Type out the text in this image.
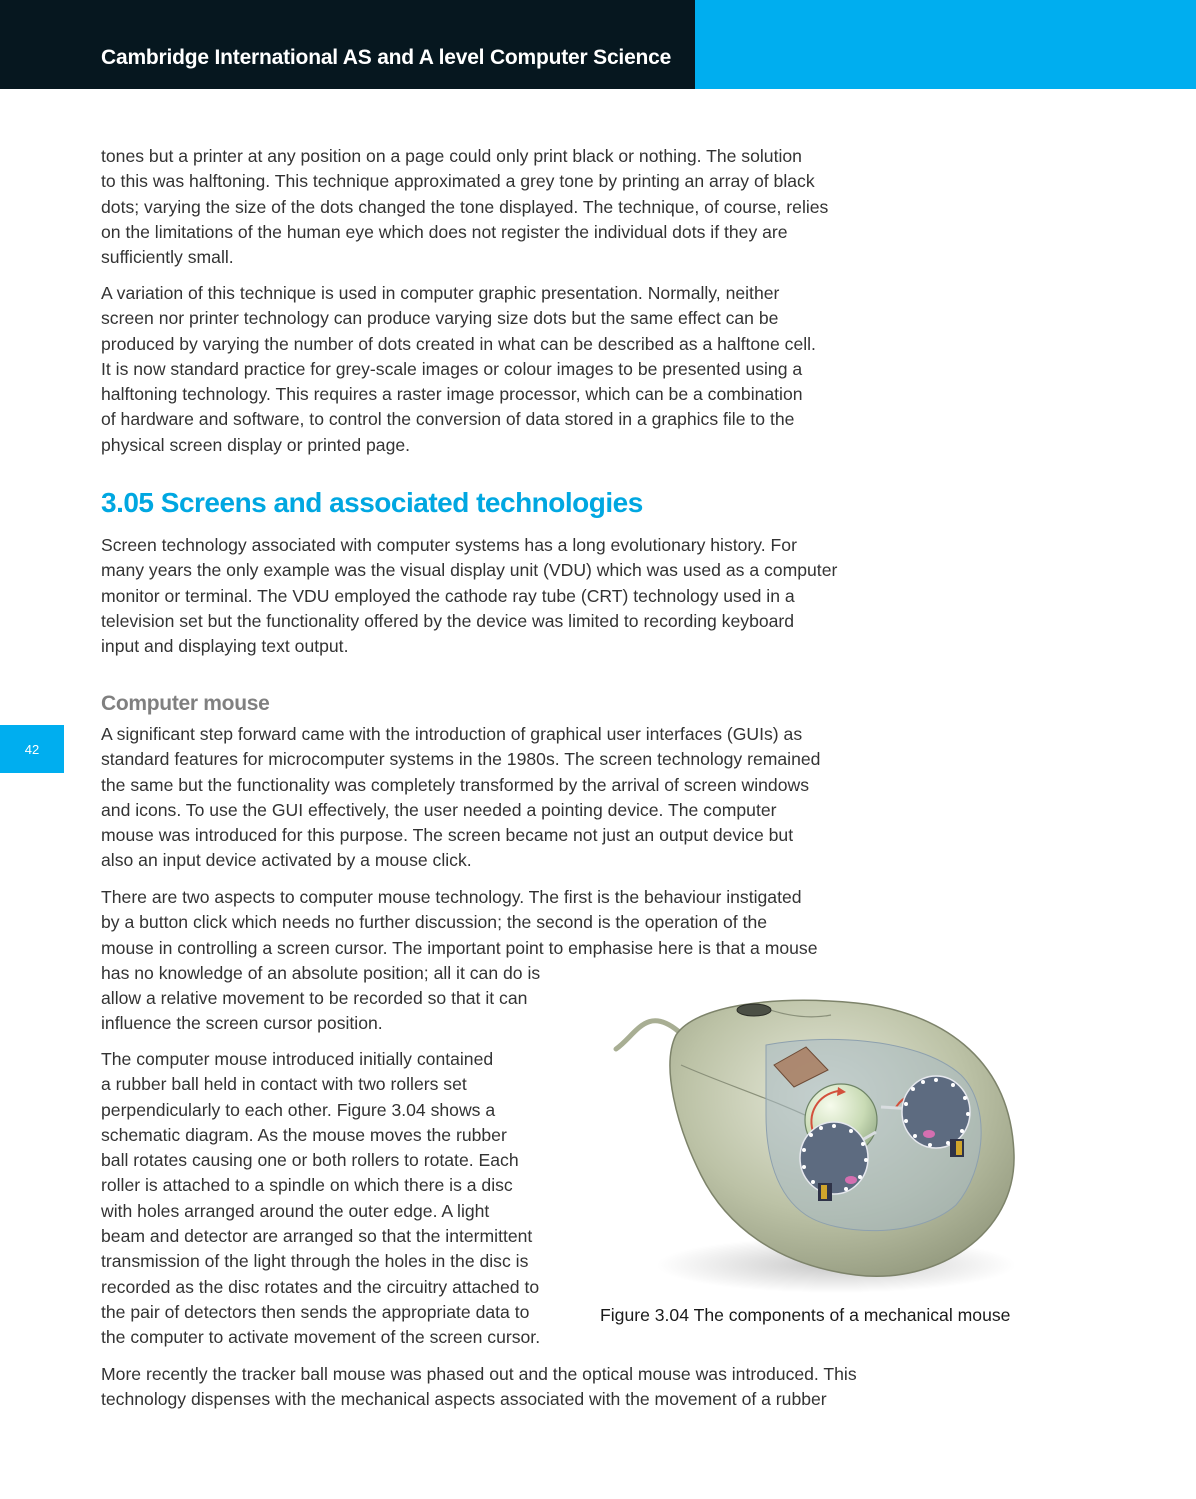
Cambridge International AS and A level Computer Science
42
tones but a printer at any position on a page could only print black or nothing. The solution
to this was halftoning. This technique approximated a grey tone by printing an array of black
dots; varying the size of the dots changed the tone displayed. The technique, of course, relies
on the limitations of the human eye which does not register the individual dots if they are
sufficiently small.
A variation of this technique is used in computer graphic presentation. Normally, neither
screen nor printer technology can produce varying size dots but the same effect can be
produced by varying the number of dots created in what can be described as a halftone cell.
It is now standard practice for grey-scale images or colour images to be presented using a
halftoning technology. This requires a raster image processor, which can be a combination
of hardware and software, to control the conversion of data stored in a graphics file to the
physical screen display or printed page.
3.05 Screens and associated technologies
Screen technology associated with computer systems has a long evolutionary history. For
many years the only example was the visual display unit (VDU) which was used as a computer
monitor or terminal. The VDU employed the cathode ray tube (CRT) technology used in a
television set but the functionality offered by the device was limited to recording keyboard
input and displaying text output.
Computer mouse
A significant step forward came with the introduction of graphical user interfaces (GUIs) as
standard features for microcomputer systems in the 1980s. The screen technology remained
the same but the functionality was completely transformed by the arrival of screen windows
and icons. To use the GUI effectively, the user needed a pointing device. The computer
mouse was introduced for this purpose. The screen became not just an output device but
also an input device activated by a mouse click.
There are two aspects to computer mouse technology. The first is the behaviour instigated
by a button click which needs no further discussion; the second is the operation of the
mouse in controlling a screen cursor. The important point to emphasise here is that a mouse
has no knowledge of an absolute position; all it can do is
allow a relative movement to be recorded so that it can
influence the screen cursor position.
The computer mouse introduced initially contained
a rubber ball held in contact with two rollers set
perpendicularly to each other. Figure 3.04 shows a
schematic diagram. As the mouse moves the rubber
ball rotates causing one or both rollers to rotate. Each
roller is attached to a spindle on which there is a disc
with holes arranged around the outer edge. A light
beam and detector are arranged so that the intermittent
transmission of the light through the holes in the disc is
recorded as the disc rotates and the circuitry attached to
the pair of detectors then sends the appropriate data to
the computer to activate movement of the screen cursor.
Figure 3.04 The components of a mechanical mouse
More recently the tracker ball mouse was phased out and the optical mouse was introduced. This
technology dispenses with the mechanical aspects associated with the movement of a rubber
